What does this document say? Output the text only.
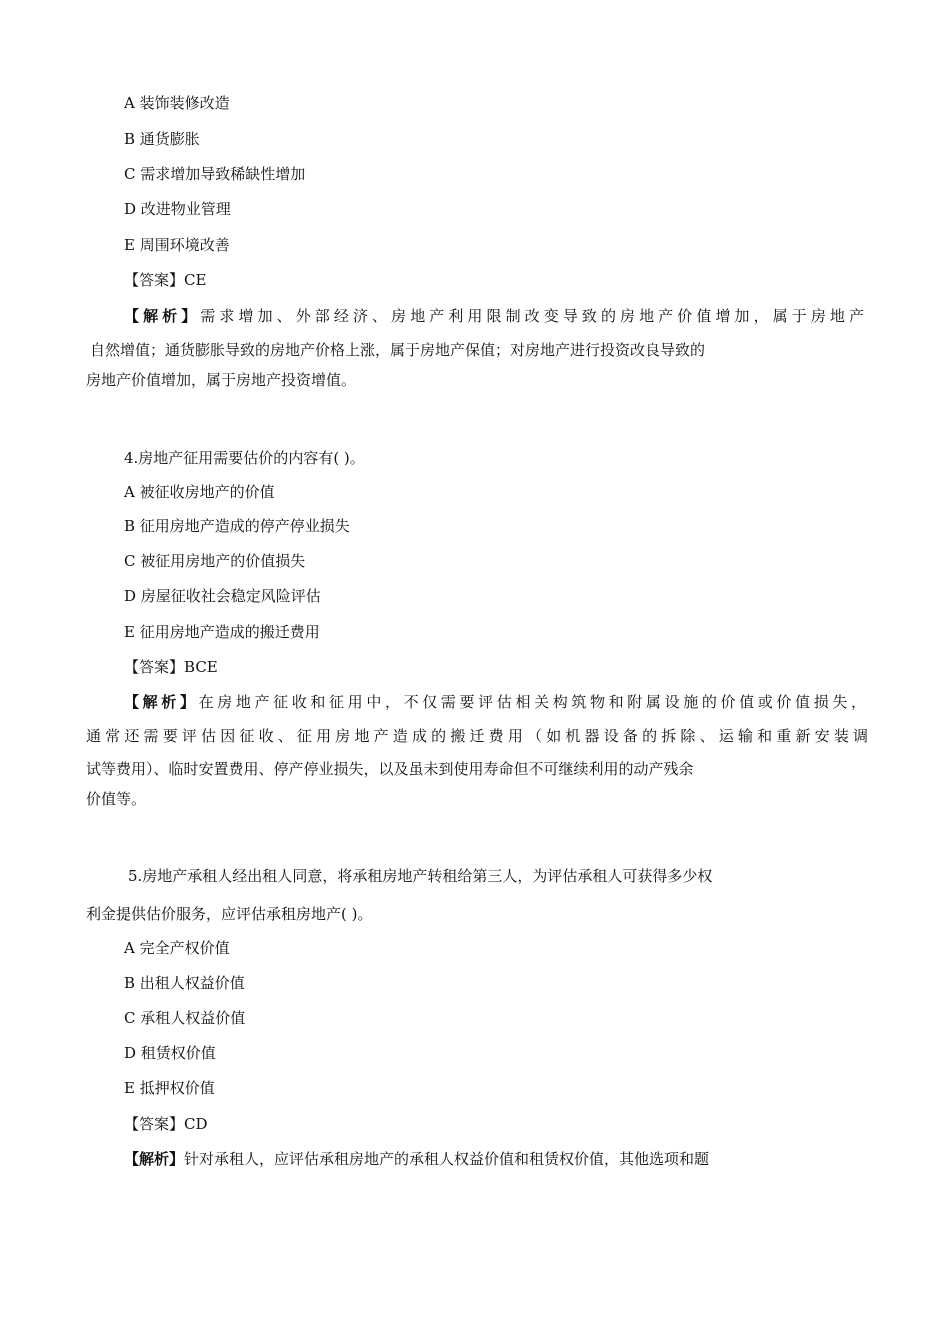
A 装饰装修改造
B 通货膨胀
C 需求增加导致稀缺性增加
D 改进物业管理
E 周围环境改善
【答案】CE
【解析】需求增加、外部经济、房地产利用限制改变导致的房地产价值增加，属于房地产
自然增值；通货膨胀导致的房地产价格上涨，属于房地产保值；对房地产进行投资改良导致的
房地产价值增加，属于房地产投资增值。
4.房地产征用需要估价的内容有( )。
A 被征收房地产的价值
B 征用房地产造成的停产停业损失
C 被征用房地产的价值损失
D 房屋征收社会稳定风险评估
E 征用房地产造成的搬迁费用
【答案】BCE
【解析】在房地产征收和征用中，不仅需要评估相关构筑物和附属设施的价值或价值损失，
通常还需要评估因征收、征用房地产造成的搬迁费用（如机器设备的拆除、运输和重新安装调
试等费用）、临时安置费用、停产停业损失，以及虽未到使用寿命但不可继续利用的动产残余
价值等。
5.房地产承租人经出租人同意，将承租房地产转租给第三人，为评估承租人可获得多少权
利金提供估价服务，应评估承租房地产( )。
A 完全产权价值
B 出租人权益价值
C 承租人权益价值
D 租赁权价值
E 抵押权价值
【答案】CD
【解析】针对承租人，应评估承租房地产的承租人权益价值和租赁权价值，其他选项和题
